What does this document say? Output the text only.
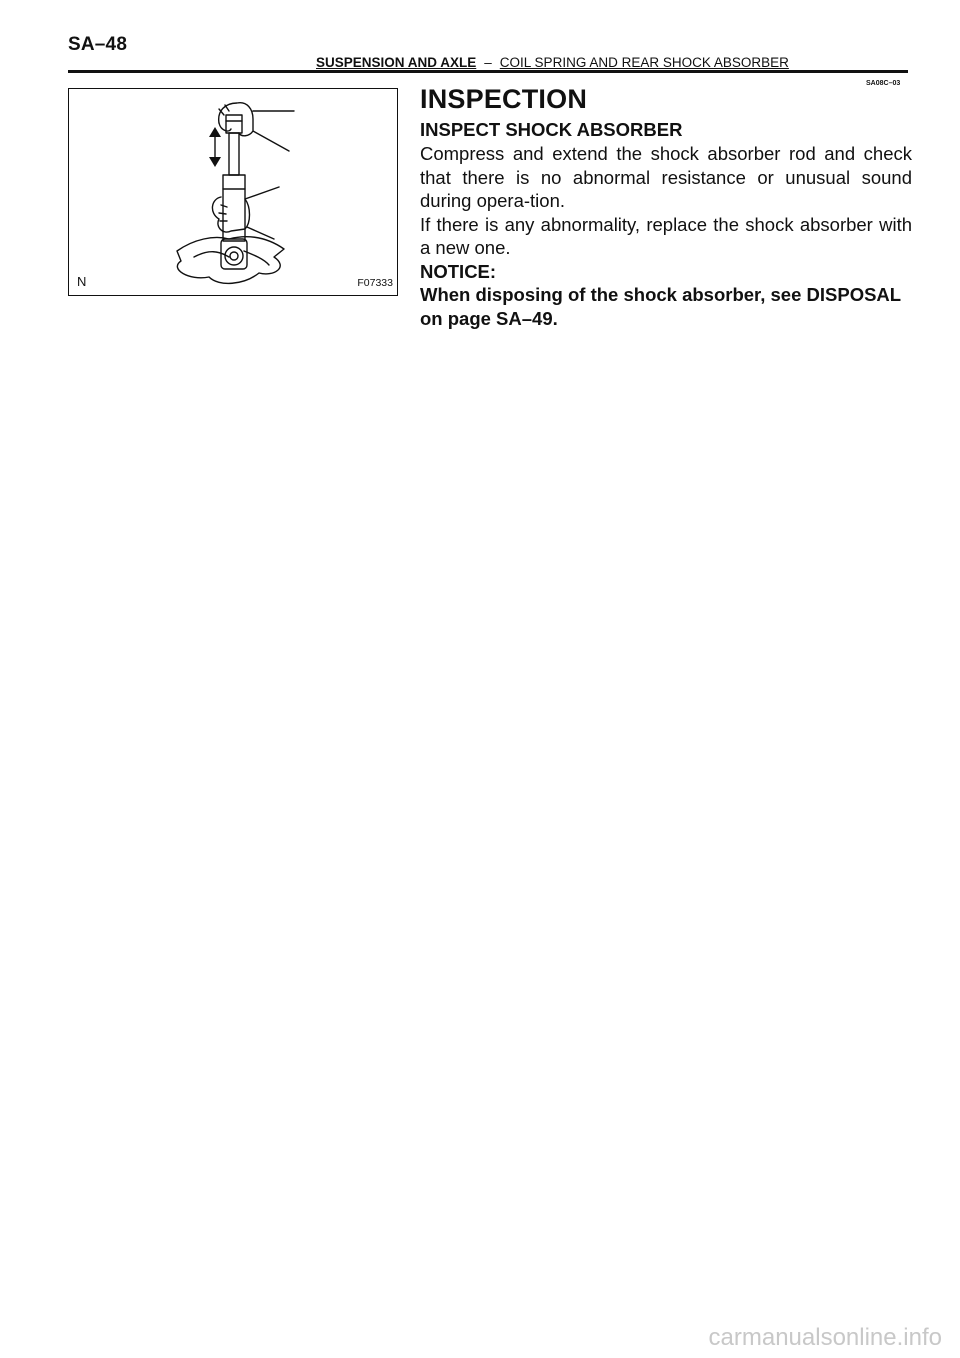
SA–48
SUSPENSION AND AXLE – COIL SPRING AND REAR SHOCK ABSORBER
SA08C–03
N	F07333
INSPECTION
INSPECT SHOCK ABSORBER

Compress and extend the shock absorber rod and check that there is no abnormal resistance or unusual sound during opera-tion.

If there is any abnormality, replace the shock absorber with a new one.

NOTICE:
When disposing of the shock absorber, see DISPOSAL on page SA–49.
carmanualsonline.info
